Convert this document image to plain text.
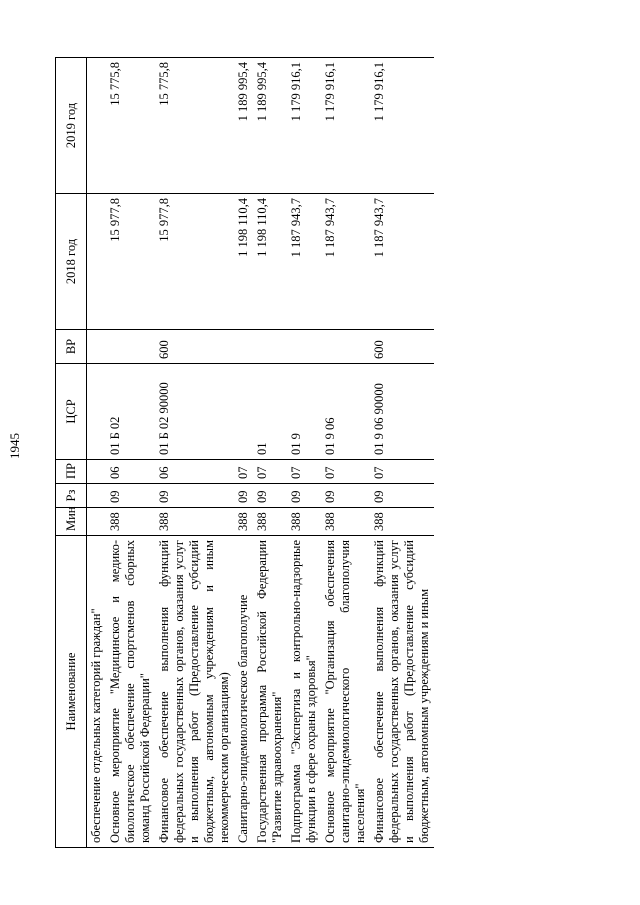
1945
Наименование	Мин	Рз	ПР	ЦСР	ВР	2018 год	2019 год
обеспечение отдельных категорий граждан"							
Основное мероприятие "Медицинское и медико-биологическое обеспечение спортсменов сборных команд Российской Федерации"	388	09	06	01 Б 02		15 977,8	15 775,8
Финансовое обеспечение выполнения функций федеральных государственных органов, оказания услуг и выполнения работ (Предоставление субсидий бюджетным, автономным учреждениям и иным некоммерческим организациям)	388	09	06	01 Б 02 90000	600	15 977,8	15 775,8
Санитарно-эпидемиологическое благополучие	388	09	07			1 198 110,4	1 189 995,4
Государственная программа Российской Федерации "Развитие здравоохранения"	388	09	07	01		1 198 110,4	1 189 995,4
Подпрограмма "Экспертиза и контрольно-надзорные функции в сфере охраны здоровья"	388	09	07	01 9		1 187 943,7	1 179 916,1
Основное мероприятие "Организация обеспечения санитарно-эпидемиологического благополучия населения"	388	09	07	01 9 06		1 187 943,7	1 179 916,1
Финансовое обеспечение выполнения функций федеральных государственных органов, оказания услуг и выполнения работ (Предоставление субсидий бюджетным, автономным учреждениям и иным	388	09	07	01 9 06 90000	600	1 187 943,7	1 179 916,1
